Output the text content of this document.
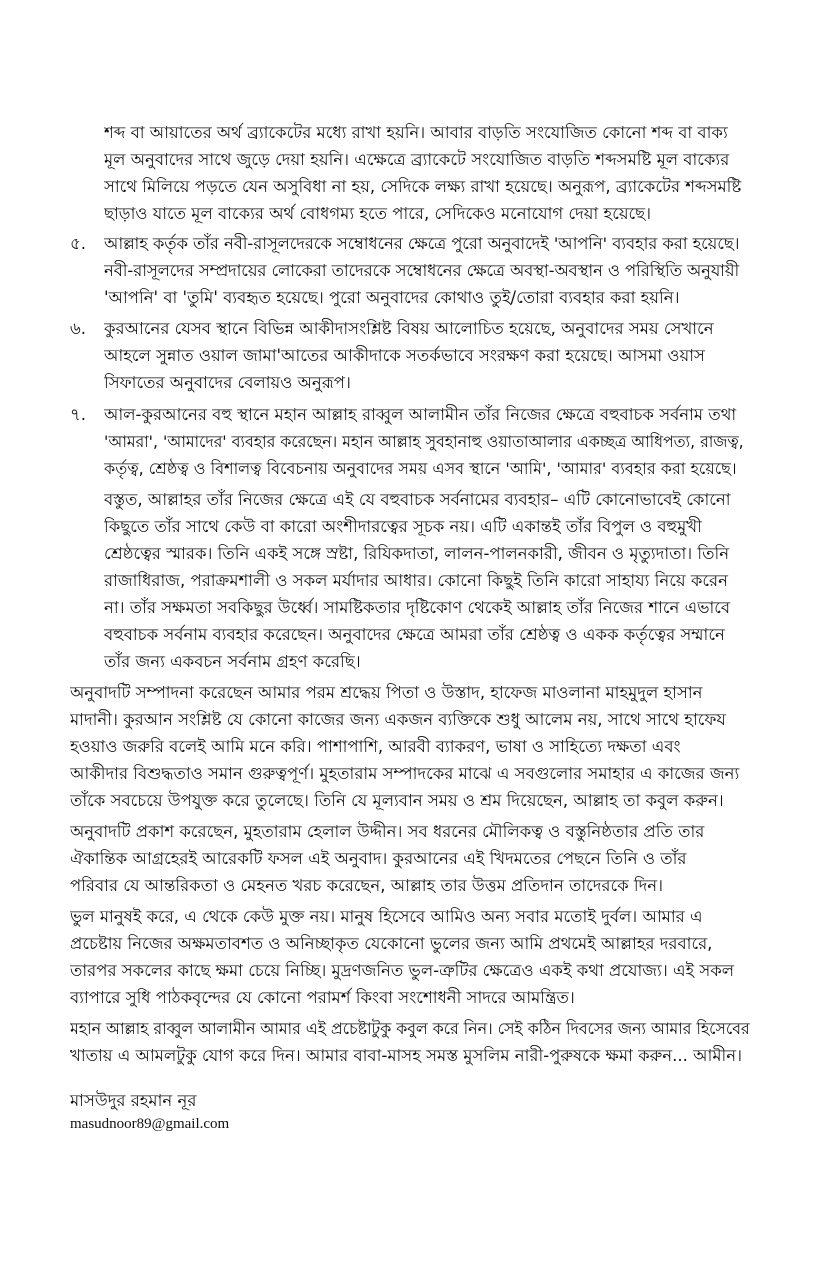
শব্দ বা আয়াতের অর্থ ব্র্যাকেটের মধ্যে রাখা হয়নি। আবার বাড়তি সংযোজিত কোনো শব্দ বা বাক্য
মূল অনুবাদের সাথে জুড়ে দেয়া হয়নি। এক্ষেত্রে ব্র্যাকেটে সংযোজিত বাড়তি শব্দসমষ্টি মূল বাক্যের
সাথে মিলিয়ে পড়তে যেন অসুবিধা না হয়, সেদিকে লক্ষ্য রাখা হয়েছে। অনুরূপ, ব্র্যাকেটের শব্দসমষ্টি
ছাড়াও যাতে মূল বাক্যের অর্থ বোধগম্য হতে পারে, সেদিকেও মনোযোগ দেয়া হয়েছে।
৫. আল্লাহ কর্তৃক তাঁর নবী-রাসূলদেরকে সম্বোধনের ক্ষেত্রে পুরো অনুবাদেই 'আপনি' ব্যবহার করা হয়েছে।
নবী-রাসূলদের সম্প্রদায়ের লোকেরা তাদেরকে সম্বোধনের ক্ষেত্রে অবস্থা-অবস্থান ও পরিস্থিতি অনুযায়ী
'আপনি' বা 'তুমি' ব্যবহৃত হয়েছে। পুরো অনুবাদের কোথাও তুই/তোরা ব্যবহার করা হয়নি।
৬. কুরআনের যেসব স্থানে বিভিন্ন আকীদাসংশ্লিষ্ট বিষয় আলোচিত হয়েছে, অনুবাদের সময় সেখানে
আহলে সুন্নাত ওয়াল জামা'আতের আকীদাকে সতর্কভাবে সংরক্ষণ করা হয়েছে। আসমা ওয়াস
সিফাতের অনুবাদের বেলায়ও অনুরূপ।
৭. আল-কুরআনের বহু স্থানে মহান আল্লাহ রাব্বুল আলামীন তাঁর নিজের ক্ষেত্রে বহুবাচক সর্বনাম তথা
'আমরা', 'আমাদের' ব্যবহার করেছেন। মহান আল্লাহ সুবহানাহু ওয়াতাআলার একচ্ছত্র আধিপত্য, রাজত্ব,
কর্তৃত্ব, শ্রেষ্ঠত্ব ও বিশালত্ব বিবেচনায় অনুবাদের সময় এসব স্থানে 'আমি', 'আমার' ব্যবহার করা হয়েছে।
বস্তুত, আল্লাহর তাঁর নিজের ক্ষেত্রে এই যে বহুবাচক সর্বনামের ব্যবহার– এটি কোনোভাবেই কোনো
কিছুতে তাঁর সাথে কেউ বা কারো অংশীদারত্বের সূচক নয়। এটি একান্তই তাঁর বিপুল ও বহুমুখী
শ্রেষ্ঠত্বের স্মারক। তিনি একই সঙ্গে স্রষ্টা, রিযিকদাতা, লালন-পালনকারী, জীবন ও মৃত্যুদাতা। তিনি
রাজাধিরাজ, পরাক্রমশালী ও সকল মর্যাদার আধার। কোনো কিছুই তিনি কারো সাহায্য নিয়ে করেন
না। তাঁর সক্ষমতা সবকিছুর উর্ধ্বে। সামষ্টিকতার দৃষ্টিকোণ থেকেই আল্লাহ তাঁর নিজের শানে এভাবে
বহুবাচক সর্বনাম ব্যবহার করেছেন। অনুবাদের ক্ষেত্রে আমরা তাঁর শ্রেষ্ঠত্ব ও একক কর্তৃত্বের সম্মানে
তাঁর জন্য একবচন সর্বনাম গ্রহণ করেছি।
অনুবাদটি সম্পাদনা করেছেন আমার পরম শ্রদ্ধেয় পিতা ও উস্তাদ, হাফেজ মাওলানা মাহমুদুল হাসান
মাদানী। কুরআন সংশ্লিষ্ট যে কোনো কাজের জন্য একজন ব্যক্তিকে শুধু আলেম নয়, সাথে সাথে হাফেয
হওয়াও জরুরি বলেই আমি মনে করি। পাশাপাশি, আরবী ব্যাকরণ, ভাষা ও সাহিত্যে দক্ষতা এবং
আকীদার বিশুদ্ধতাও সমান গুরুত্বপূর্ণ। মুহতারাম সম্পাদকের মাঝে এ সবগুলোর সমাহার এ কাজের জন্য
তাঁকে সবচেয়ে উপযুক্ত করে তুলেছে। তিনি যে মূল্যবান সময় ও শ্রম দিয়েছেন, আল্লাহ তা কবুল করুন।
অনুবাদটি প্রকাশ করেছেন, মুহতারাম হেলাল উদ্দীন। সব ধরনের মৌলিকত্ব ও বস্তুনিষ্ঠতার প্রতি তার
ঐকান্তিক আগ্রহেরই আরেকটি ফসল এই অনুবাদ। কুরআনের এই খিদমতের পেছনে তিনি ও তাঁর
পরিবার যে আন্তরিকতা ও মেহনত খরচ করেছেন, আল্লাহ তার উত্তম প্রতিদান তাদেরকে দিন।
ভুল মানুষই করে, এ থেকে কেউ মুক্ত নয়। মানুষ হিসেবে আমিও অন্য সবার মতোই দুর্বল। আমার এ
প্রচেষ্টায় নিজের অক্ষমতাবশত ও অনিচ্ছাকৃত যেকোনো ভুলের জন্য আমি প্রথমেই আল্লাহর দরবারে,
তারপর সকলের কাছে ক্ষমা চেয়ে নিচ্ছি। মুদ্রণজনিত ভুল-ত্রুটির ক্ষেত্রেও একই কথা প্রযোজ্য। এই সকল
ব্যাপারে সুধি পাঠকবৃন্দের যে কোনো পরামর্শ কিংবা সংশোধনী সাদরে আমন্ত্রিত।
মহান আল্লাহ রাব্বুল আলামীন আমার এই প্রচেষ্টাটুকু কবুল করে নিন। সেই কঠিন দিবসের জন্য আমার হিসেবের
খাতায় এ আমলটুকু যোগ করে দিন। আমার বাবা-মাসহ সমস্ত মুসলিম নারী-পুরুষকে ক্ষমা করুন... আমীন।
মাসউদুর রহমান নূর
masudnoor89@gmail.com
